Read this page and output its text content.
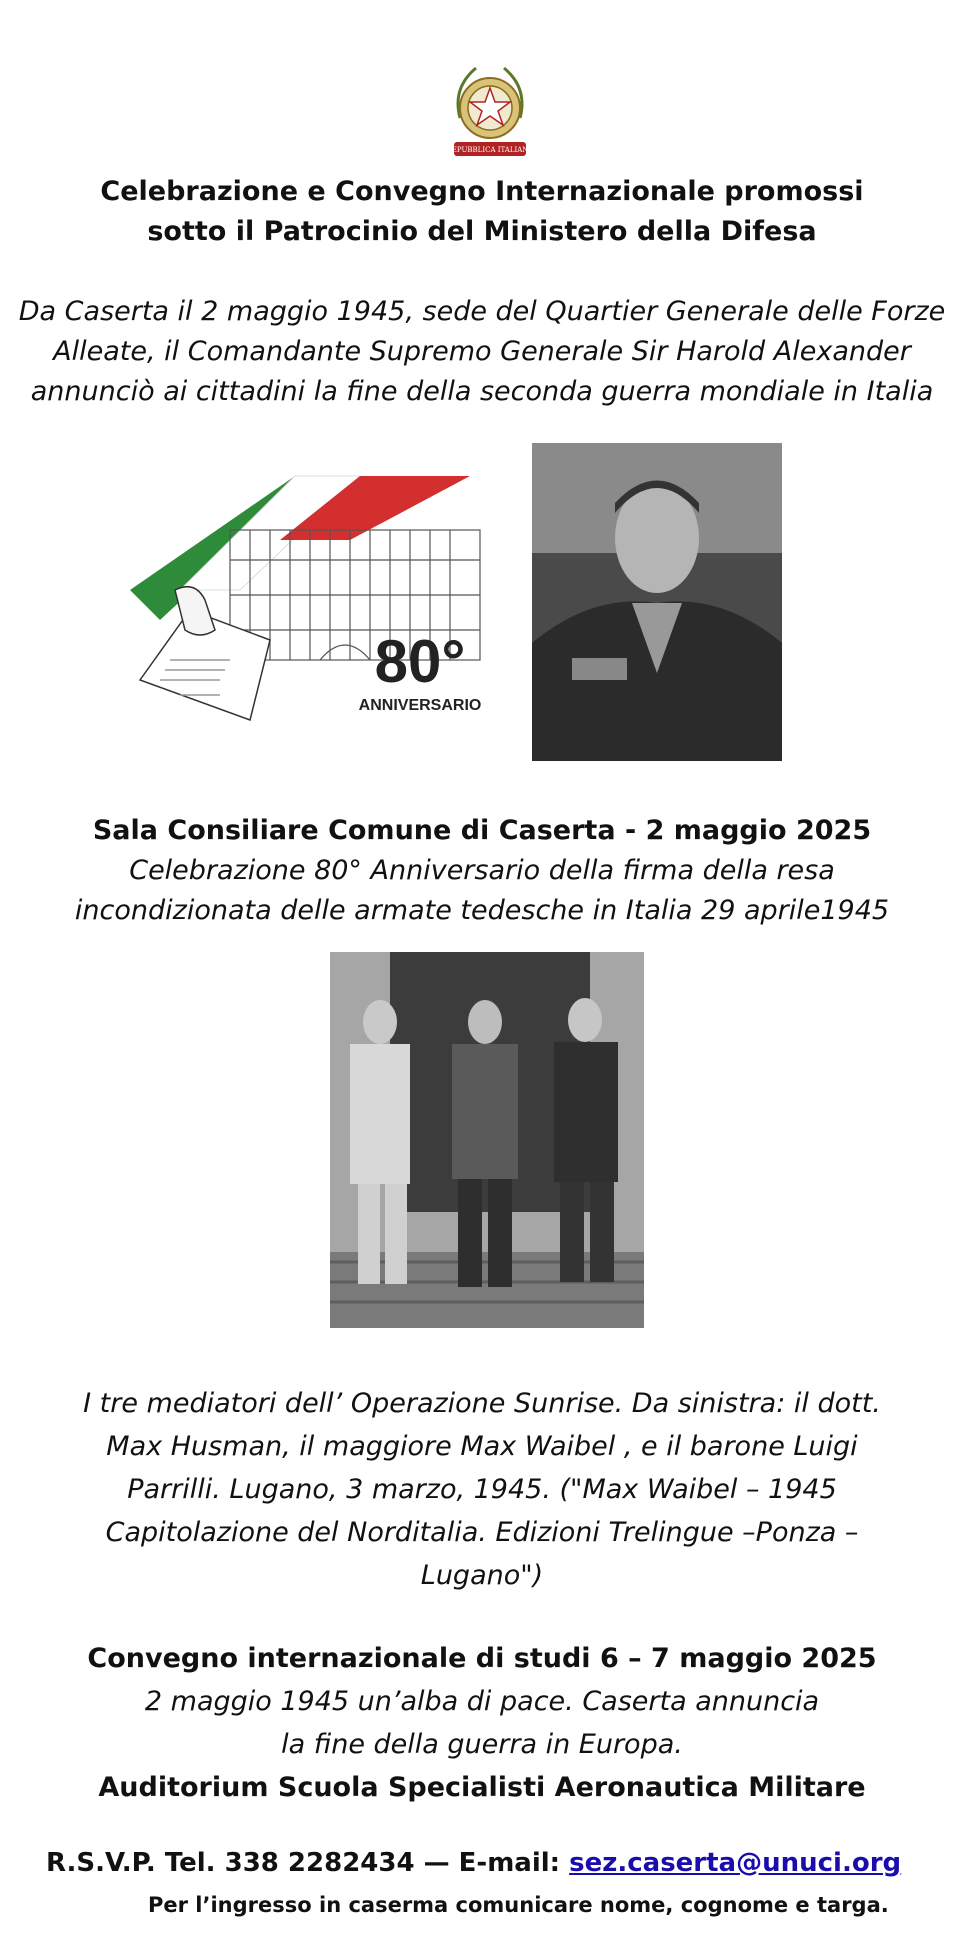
REPUBBLICA ITALIANA
Celebrazione e Convegno Internazionale promossi
sotto il Patrocinio del Ministero della Difesa
Da Caserta il 2 maggio 1945, sede del Quartier Generale delle Forze
Alleate, il Comandante Supremo Generale Sir Harold Alexander
annunciò ai cittadini la fine della seconda guerra mondiale in Italia
80°
ANNIVERSARIO
Sala Consiliare Comune di Caserta - 2 maggio 2025
Celebrazione 80° Anniversario della firma della resa
incondizionata delle armate tedesche in Italia 29 aprile1945
I tre mediatori dell’ Operazione Sunrise. Da sinistra: il dott.
Max Husman, il maggiore Max Waibel , e il barone Luigi
Parrilli. Lugano, 3 marzo, 1945. ("Max Waibel – 1945
Capitolazione del Norditalia. Edizioni Trelingue –Ponza –
Lugano")
Convegno internazionale di studi 6 – 7 maggio 2025
2 maggio 1945 un’alba di pace. Caserta annuncia
la fine della guerra in Europa.
Auditorium Scuola Specialisti Aeronautica Militare
R.S.V.P. Tel. 338 2282434 — E-mail: sez.caserta@unuci.org
Per l’ingresso in caserma comunicare nome, cognome e targa.
